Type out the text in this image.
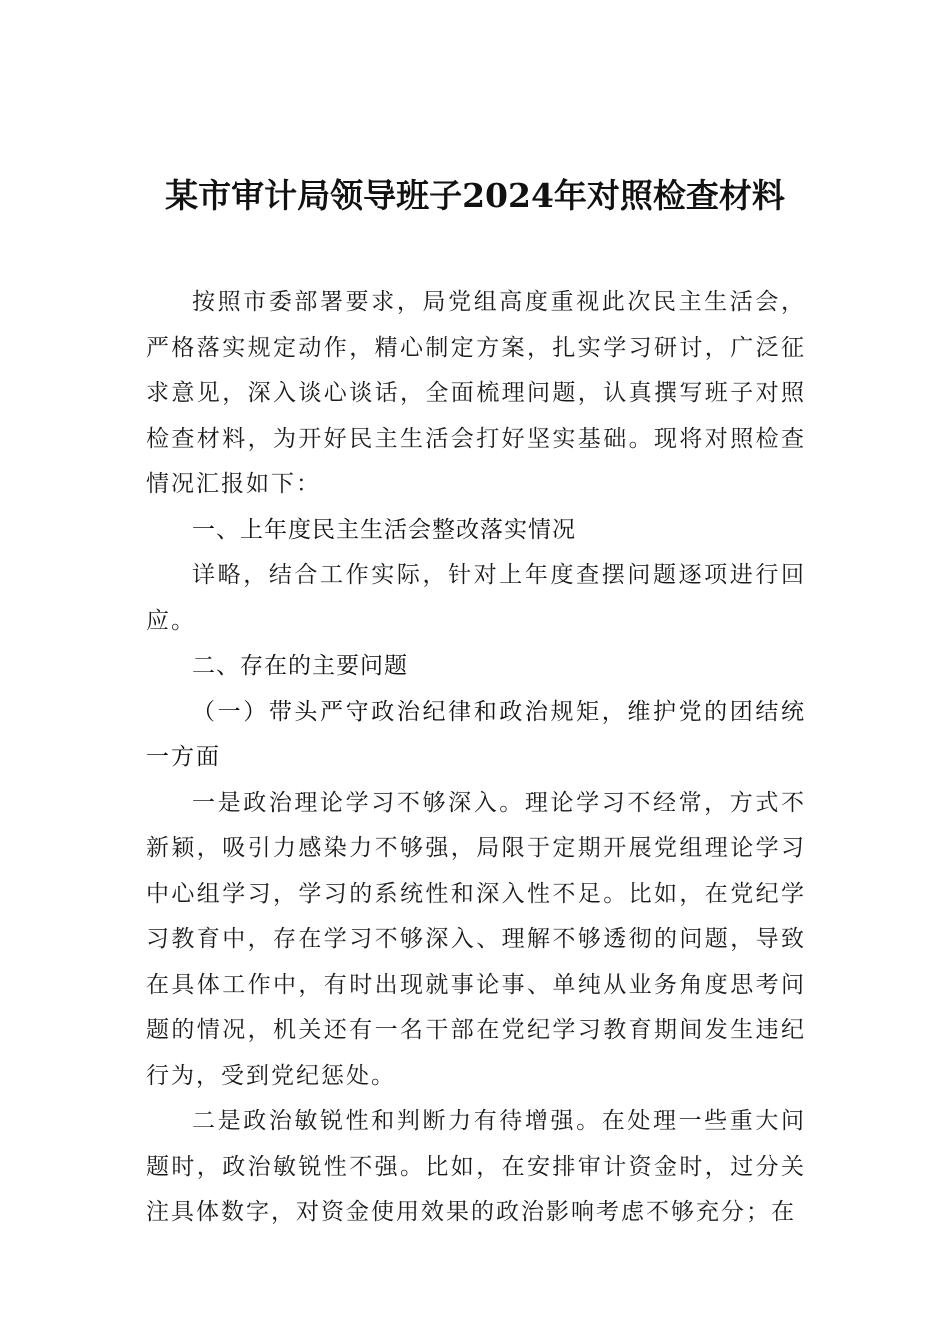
某市审计局领导班子2024年对照检查材料

按照市委部署要求，局党组高度重视此次民主生活会，严格落实规定动作，精心制定方案，扎实学习研讨，广泛征求意见，深入谈心谈话，全面梳理问题，认真撰写班子对照检查材料，为开好民主生活会打好坚实基础。现将对照检查情况汇报如下：

一、上年度民主生活会整改落实情况

详略，结合工作实际，针对上年度查摆问题逐项进行回应。

二、存在的主要问题

（一）带头严守政治纪律和政治规矩，维护党的团结统一方面

一是政治理论学习不够深入。理论学习不经常，方式不新颖，吸引力感染力不够强，局限于定期开展党组理论学习中心组学习，学习的系统性和深入性不足。比如，在党纪学习教育中，存在学习不够深入、理解不够透彻的问题，导致在具体工作中，有时出现就事论事、单纯从业务角度思考问题的情况，机关还有一名干部在党纪学习教育期间发生违纪行为，受到党纪惩处。

二是政治敏锐性和判断力有待增强。在处理一些重大问题时，政治敏锐性不强。比如，在安排审计资金时，过分关注具体数字，对资金使用效果的政治影响考虑不够充分；在
